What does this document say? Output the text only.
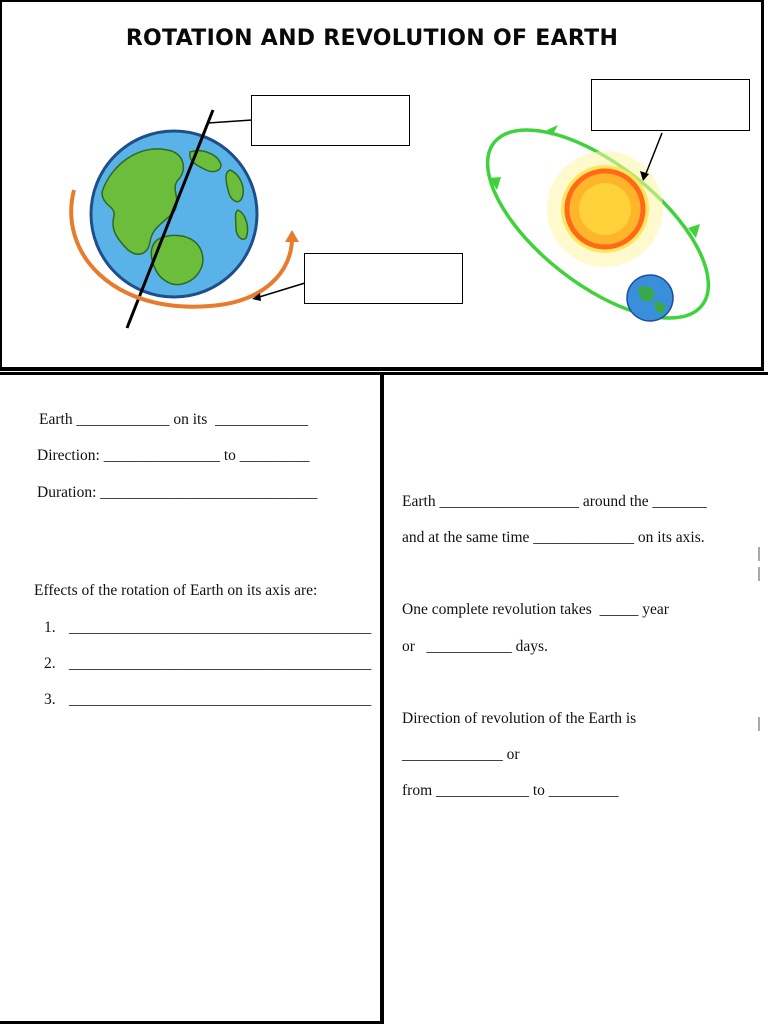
ROTATION AND REVOLUTION OF EARTH
Earth ____________ on its  ____________
Direction: _______________ to _________
Duration: ____________________________
Effects of the rotation of Earth on its axis are:
1. _______________________________________
2. _______________________________________
3. _______________________________________
Earth __________________ around the _______
and at the same time _____________ on its axis.
One complete revolution takes  _____ year
or   ___________ days.
Direction of revolution of the Earth is
_____________ or
from ____________ to _________
